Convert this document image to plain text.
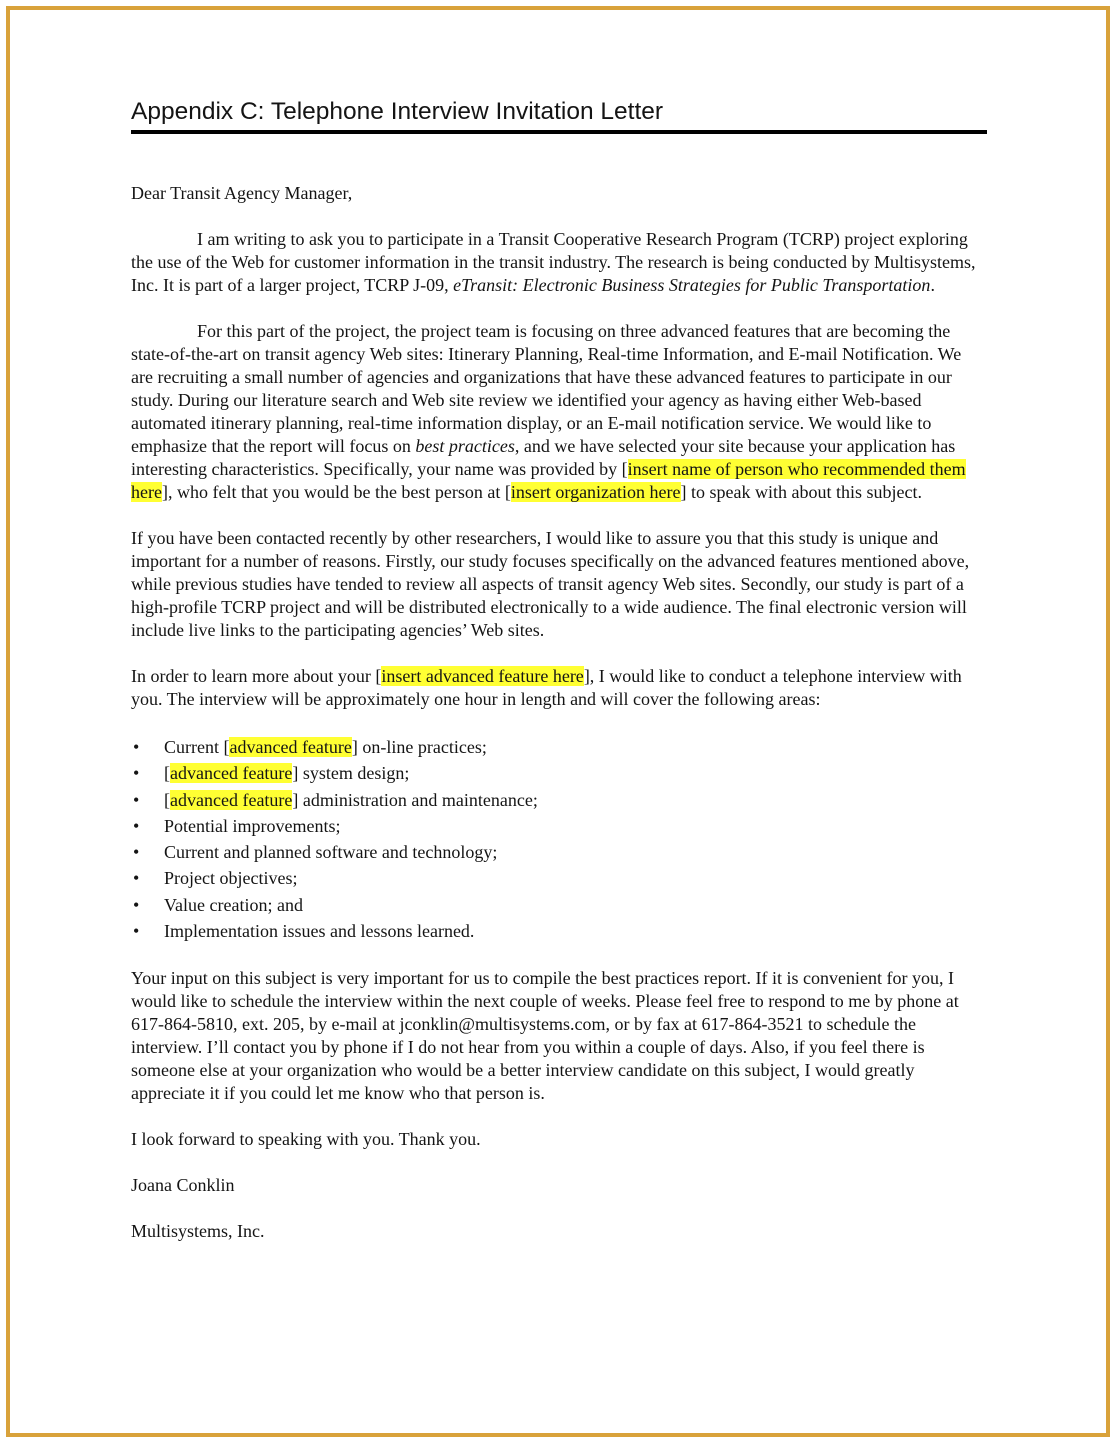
Appendix C: Telephone Interview Invitation Letter

Dear Transit Agency Manager,

I am writing to ask you to participate in a Transit Cooperative Research Program (TCRP) project exploring the use of the Web for customer information in the transit industry. The research is being conducted by Multisystems, Inc. It is part of a larger project, TCRP J-09, eTransit: Electronic Business Strategies for Public Transportation.

For this part of the project, the project team is focusing on three advanced features that are becoming the state-of-the-art on transit agency Web sites: Itinerary Planning, Real-time Information, and E-mail Notification. We are recruiting a small number of agencies and organizations that have these advanced features to participate in our study. During our literature search and Web site review we identified your agency as having either Web-based automated itinerary planning, real-time information display, or an E-mail notification service. We would like to emphasize that the report will focus on best practices, and we have selected your site because your application has interesting characteristics. Specifically, your name was provided by [insert name of person who recommended them here], who felt that you would be the best person at [insert organization here] to speak with about this subject.

If you have been contacted recently by other researchers, I would like to assure you that this study is unique and important for a number of reasons. Firstly, our study focuses specifically on the advanced features mentioned above, while previous studies have tended to review all aspects of transit agency Web sites. Secondly, our study is part of a high-profile TCRP project and will be distributed electronically to a wide audience. The final electronic version will include live links to the participating agencies’ Web sites.

In order to learn more about your [insert advanced feature here], I would like to conduct a telephone interview with you. The interview will be approximately one hour in length and will cover the following areas:

• Current [advanced feature] on-line practices;
• [advanced feature] system design;
• [advanced feature] administration and maintenance;
• Potential improvements;
• Current and planned software and technology;
• Project objectives;
• Value creation; and
• Implementation issues and lessons learned.

Your input on this subject is very important for us to compile the best practices report. If it is convenient for you, I would like to schedule the interview within the next couple of weeks. Please feel free to respond to me by phone at 617-864-5810, ext. 205, by e-mail at jconklin@multisystems.com, or by fax at 617-864-3521 to schedule the interview. I’ll contact you by phone if I do not hear from you within a couple of days. Also, if you feel there is someone else at your organization who would be a better interview candidate on this subject, I would greatly appreciate it if you could let me know who that person is.

I look forward to speaking with you. Thank you.

Joana Conklin

Multisystems, Inc.
